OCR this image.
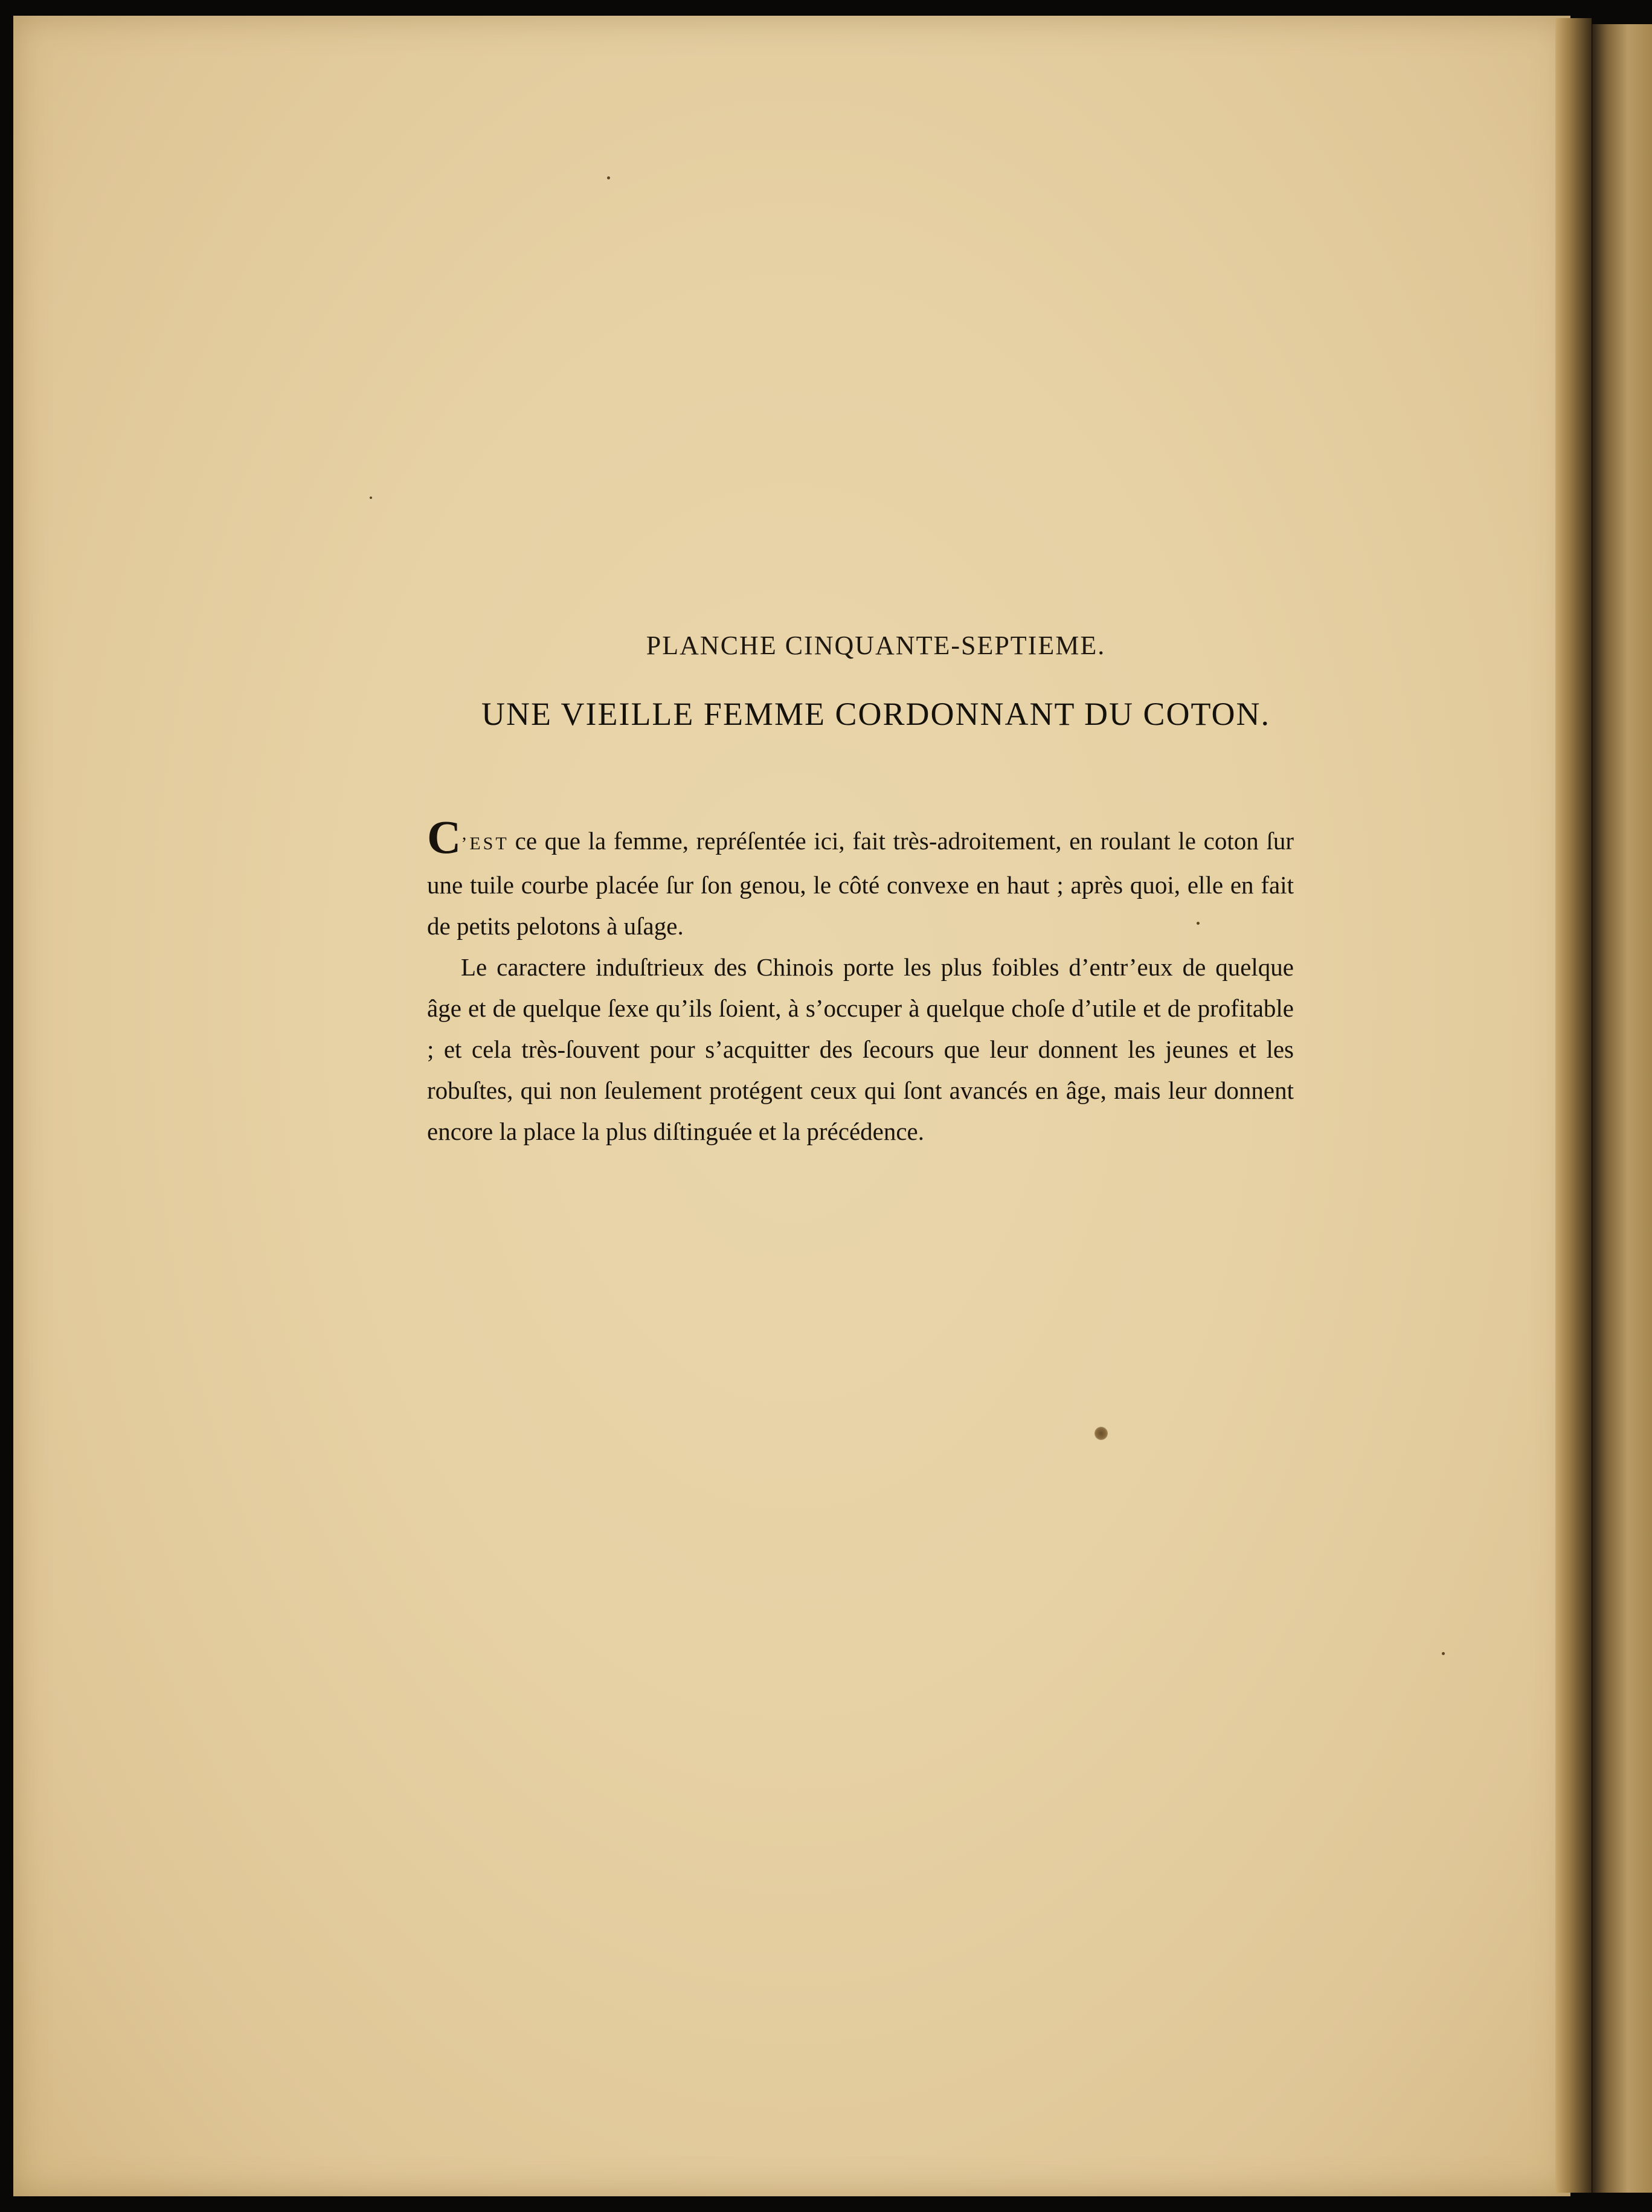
PLANCHE CINQUANTE-SEPTIEME.
UNE VIEILLE FEMME CORDONNANT DU COTON.

C’EST ce que la femme, repréſentée ici, fait très-adroitement, en roulant le coton ſur une tuile courbe placée ſur ſon genou, le côté convexe en haut ; après quoi, elle en fait de petits pelotons à uſage.

Le caractere induſtrieux des Chinois porte les plus foibles d’entr’eux de quelque âge et de quelque ſexe qu’ils ſoient, à s’occuper à quelque choſe d’utile et de profitable ; et cela très-ſouvent pour s’acquitter des ſecours que leur donnent les jeunes et les robuſtes, qui non ſeulement protégent ceux qui ſont avancés en âge, mais leur donnent encore la place la plus diſtinguée et la précédence.
